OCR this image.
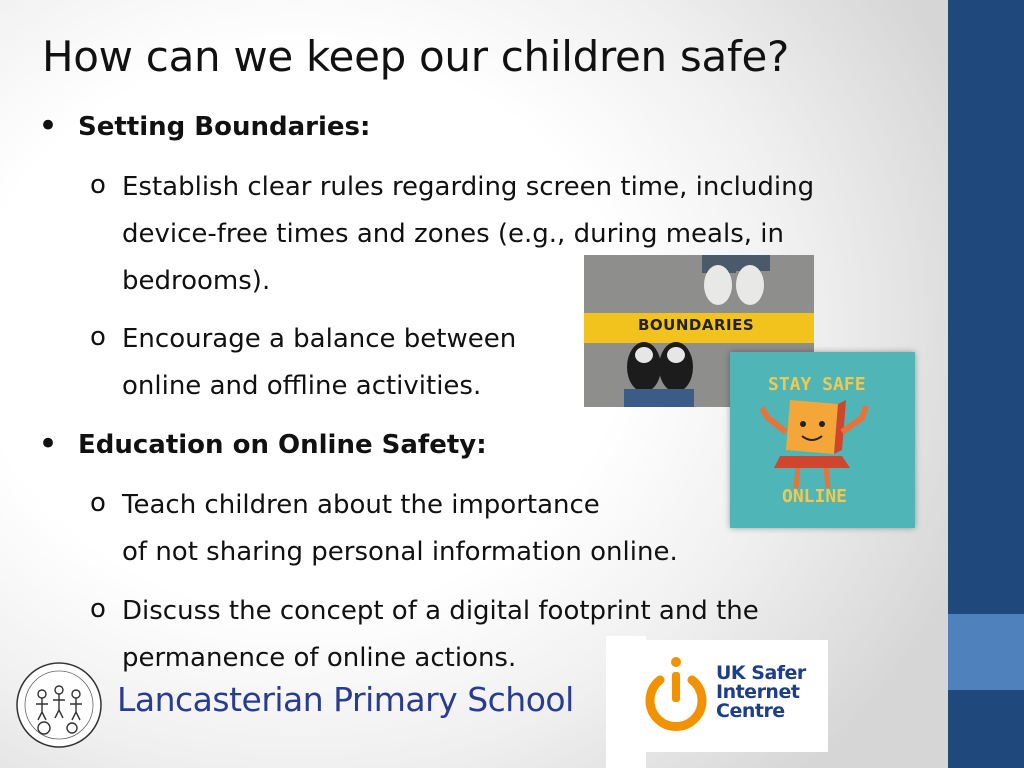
How can we keep our children safe?
• Setting Boundaries:
o Establish clear rules regarding screen time, including
device-free times and zones (e.g., during meals, in
bedrooms).
o Encourage a balance between
online and offline activities.
• Education on Online Safety:
o Teach children about the importance
of not sharing personal information online.
o Discuss the concept of a digital footprint and the
permanence of online actions.
BOUNDARIES
STAY SAFE
ONLINE
Lancasterian Primary School
UK Safer
Internet
Centre
